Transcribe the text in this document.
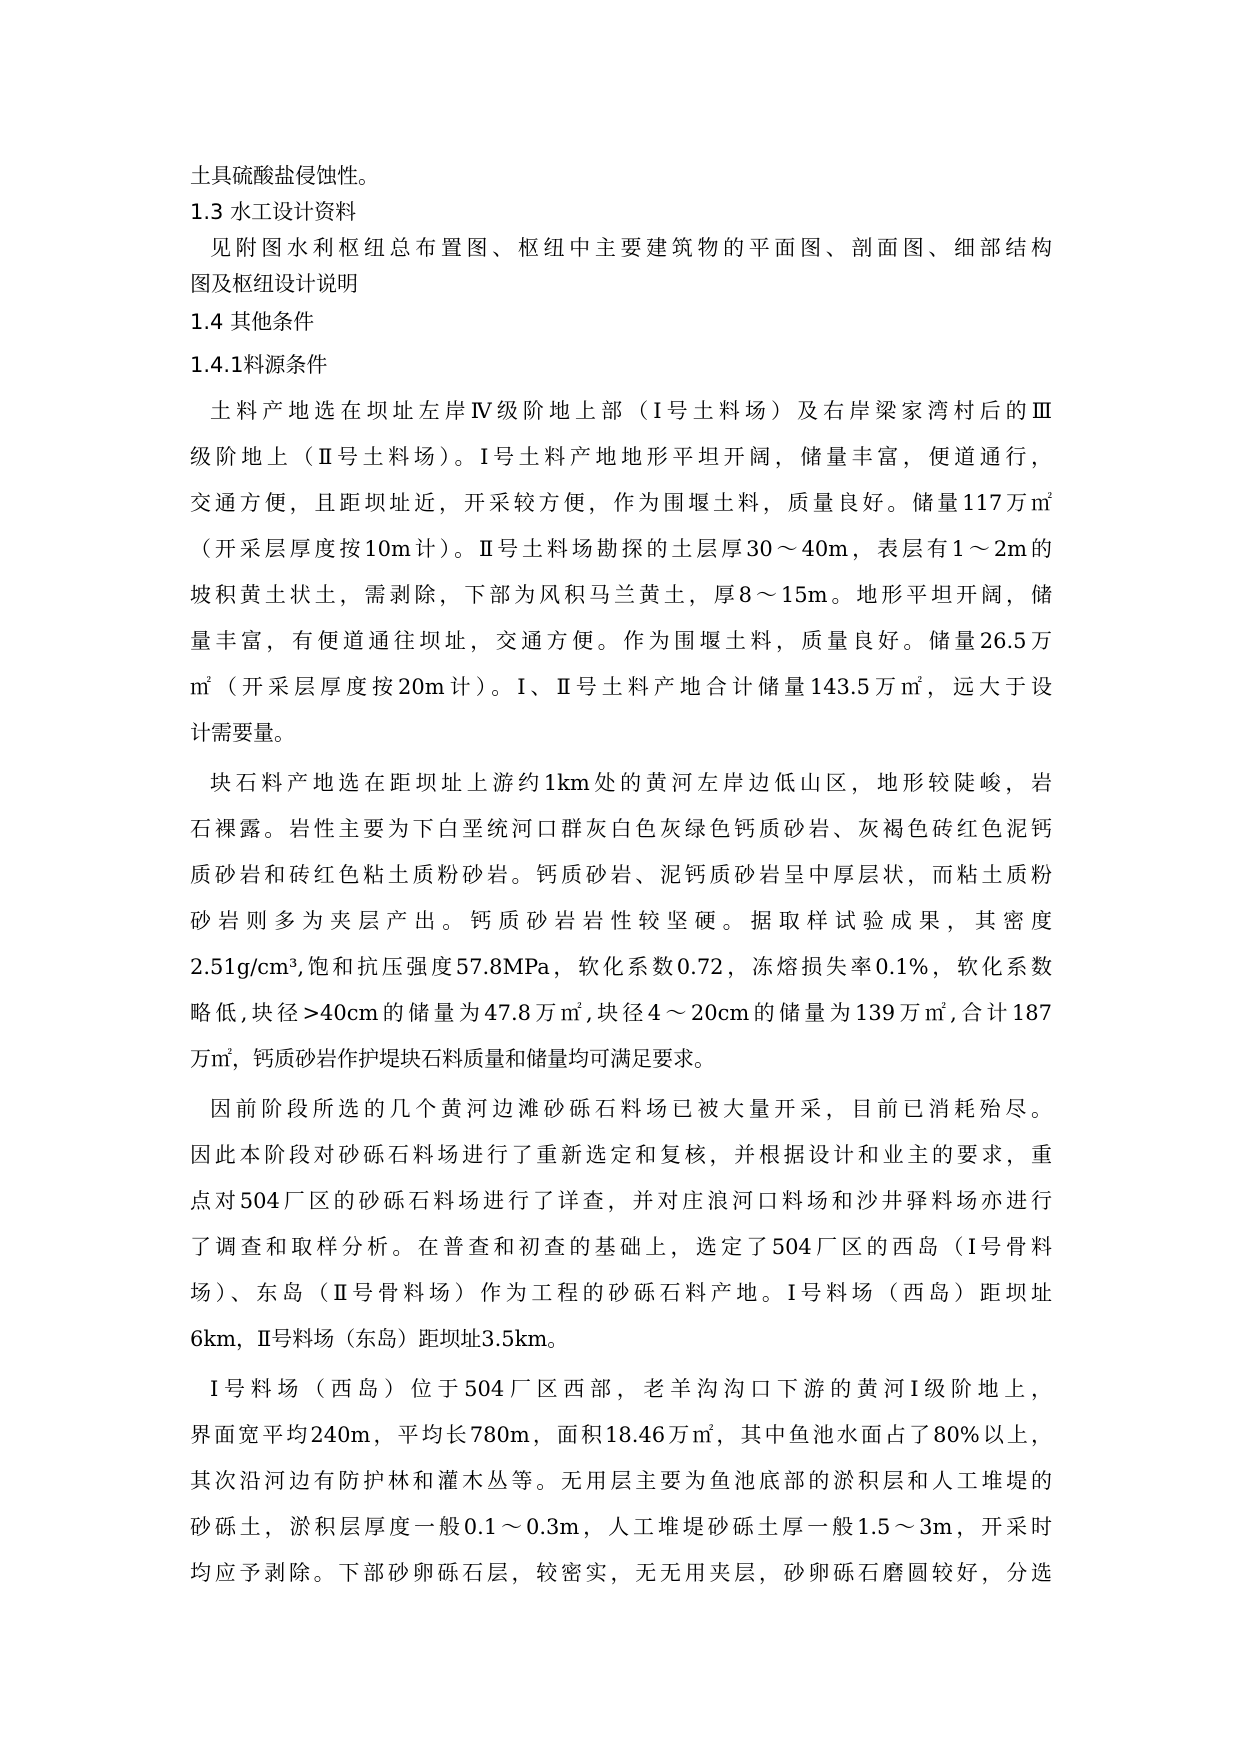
土具硫酸盐侵蚀性。
1.3 水工设计资料
见附图水利枢纽总布置图、枢纽中主要建筑物的平面图、剖面图、细部结构
图及枢纽设计说明
1.4 其他条件
1.4.1料源条件
土料产地选在坝址左岸Ⅳ级阶地上部（Ⅰ号土料场）及右岸梁家湾村后的Ⅲ
级阶地上（Ⅱ号土料场）。Ⅰ号土料产地地形平坦开阔，储量丰富，便道通行，
交通方便，且距坝址近，开采较方便，作为围堰土料，质量良好。储量117万㎡
（开采层厚度按10m计）。Ⅱ号土料场勘探的土层厚30～40m，表层有1～2m的
坡积黄土状土，需剥除，下部为风积马兰黄土，厚8～15m。地形平坦开阔，储
量丰富，有便道通往坝址，交通方便。作为围堰土料，质量良好。储量26.5万
㎡（开采层厚度按20m计）。Ⅰ、Ⅱ号土料产地合计储量143.5万㎡，远大于设
计需要量。
块石料产地选在距坝址上游约1km处的黄河左岸边低山区，地形较陡峻，岩
石裸露。岩性主要为下白垩统河口群灰白色灰绿色钙质砂岩、灰褐色砖红色泥钙
质砂岩和砖红色粘土质粉砂岩。钙质砂岩、泥钙质砂岩呈中厚层状，而粘土质粉
砂岩则多为夹层产出。钙质砂岩岩性较坚硬。据取样试验成果，其密度
2.51g/cm³,饱和抗压强度57.8MPa，软化系数0.72，冻熔损失率0.1%，软化系数
略低,块径>40cm的储量为47.8万㎡,块径4～20cm的储量为139万㎡,合计187
万㎡，钙质砂岩作护堤块石料质量和储量均可满足要求。
因前阶段所选的几个黄河边滩砂砾石料场已被大量开采，目前已消耗殆尽。
因此本阶段对砂砾石料场进行了重新选定和复核，并根据设计和业主的要求，重
点对504厂区的砂砾石料场进行了详查，并对庄浪河口料场和沙井驿料场亦进行
了调查和取样分析。在普查和初查的基础上，选定了504厂区的西岛（Ⅰ号骨料
场）、东岛（Ⅱ号骨料场）作为工程的砂砾石料产地。Ⅰ号料场（西岛）距坝址
6km，Ⅱ号料场（东岛）距坝址3.5km。
Ⅰ号料场（西岛）位于504厂区西部，老羊沟沟口下游的黄河Ⅰ级阶地上，
界面宽平均240m，平均长780m，面积18.46万㎡，其中鱼池水面占了80%以上，
其次沿河边有防护林和灌木丛等。无用层主要为鱼池底部的淤积层和人工堆堤的
砂砾土，淤积层厚度一般0.1～0.3m，人工堆堤砂砾土厚一般1.5～3m，开采时
均应予剥除。下部砂卵砾石层，较密实，无无用夹层，砂卵砾石磨圆较好，分选
